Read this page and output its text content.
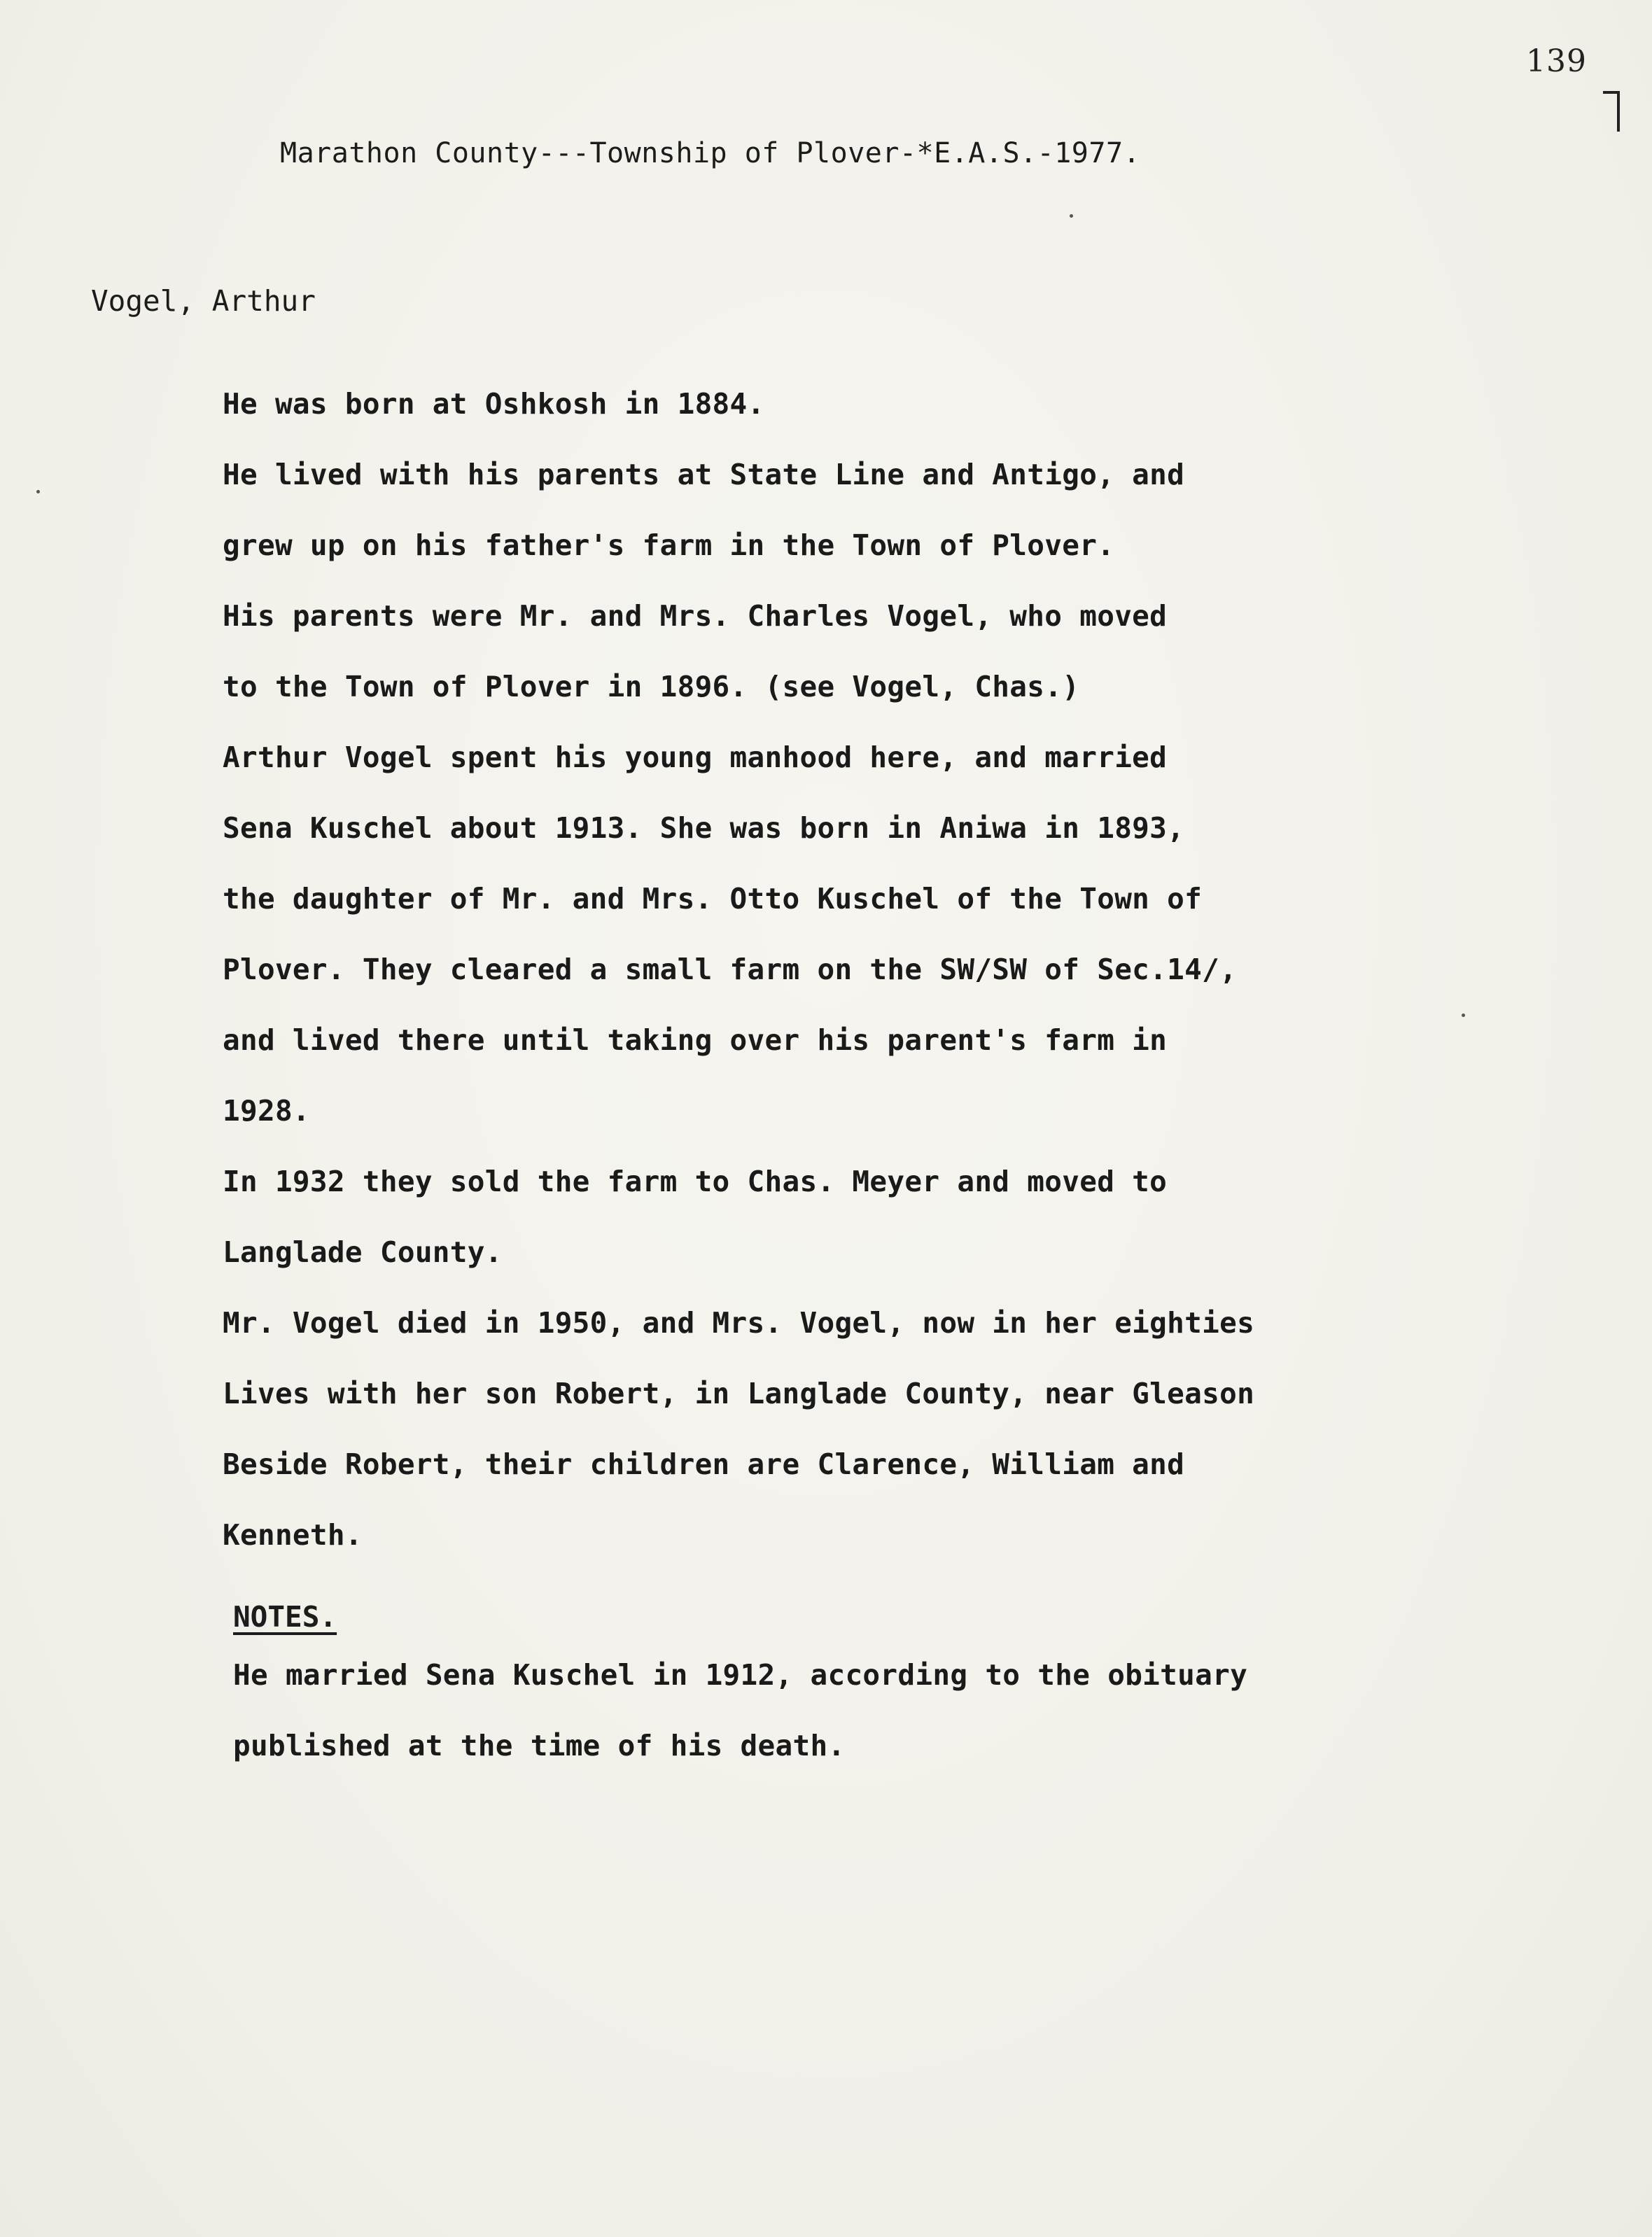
139
Marathon County---Township of Plover-*E.A.S.-1977.
Vogel, Arthur
He was born at Oshkosh in 1884.
He lived with his parents at State Line and Antigo, and
grew up on his father's farm in the Town of Plover.
His parents were Mr. and Mrs. Charles Vogel, who moved
to the Town of Plover in 1896. (see Vogel, Chas.)
Arthur Vogel spent his young manhood here, and married
Sena Kuschel about 1913. She was born in Aniwa in 1893,
the daughter of Mr. and Mrs. Otto Kuschel of the Town of
Plover. They cleared a small farm on the SW/SW of Sec.14/,
and lived there until taking over his parent's farm in
1928.
In 1932 they sold the farm to Chas. Meyer and moved to
Langlade County.
Mr. Vogel died in 1950, and Mrs. Vogel, now in her eighties
Lives with her son Robert, in Langlade County, near Gleason
Beside Robert, their children are Clarence, William and
Kenneth.
NOTES.
He married Sena Kuschel in 1912, according to the obituary
published at the time of his death.
